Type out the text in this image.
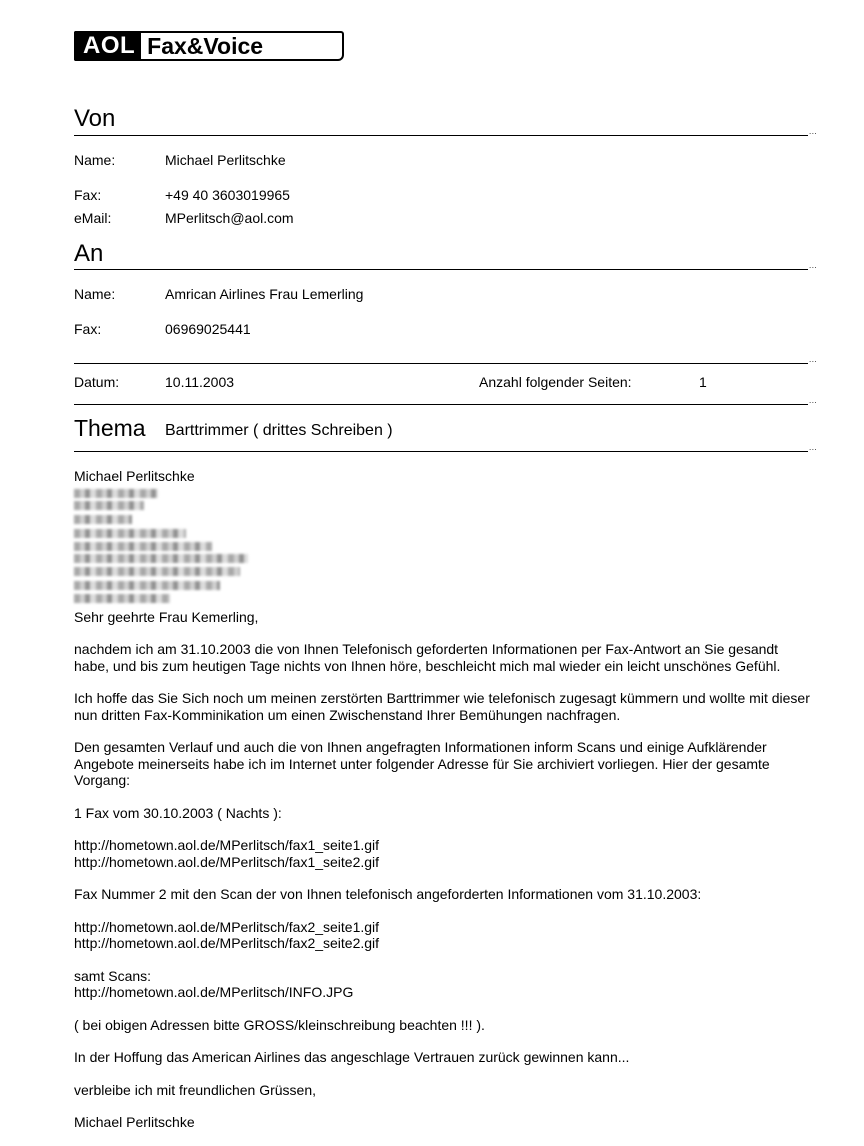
AOL Fax&Voice
Von	...
Name:	Michael Perlitschke
Fax:	+49 40 3603019965
eMail:	MPerlitsch@aol.com
An	...
Name:	Amrican Airlines Frau Lemerling
Fax:	06969025441
...
Datum:	10.11.2003	Anzahl folgender Seiten:	1
...
Thema Barttrimmer ( drittes Schreiben )
...

Michael Perlitschke

Sehr geehrte Frau Kemerling,

nachdem ich am 31.10.2003 die von Ihnen Telefonisch geforderten Informationen per Fax-Antwort an Sie gesandt habe, und bis zum heutigen Tage nichts von Ihnen höre, beschleicht mich mal wieder ein leicht unschönes Gefühl.

Ich hoffe das Sie Sich noch um meinen zerstörten Barttrimmer wie telefonisch zugesagt kümmern und wollte mit dieser nun dritten Fax-Komminikation um einen Zwischenstand Ihrer Bemühungen nachfragen.

Den gesamten Verlauf und auch die von Ihnen angefragten Informationen inform Scans und einige Aufklärender Angebote meinerseits habe ich im Internet unter folgender Adresse für Sie archiviert vorliegen. Hier der gesamte Vorgang:

1 Fax vom 30.10.2003 ( Nachts ):

http://hometown.aol.de/MPerlitsch/fax1_seite1.gif

http://hometown.aol.de/MPerlitsch/fax1_seite2.gif

Fax Nummer 2 mit den Scan der von Ihnen telefonisch angeforderten Informationen vom 31.10.2003:

http://hometown.aol.de/MPerlitsch/fax2_seite1.gif

http://hometown.aol.de/MPerlitsch/fax2_seite2.gif

samt Scans:

http://hometown.aol.de/MPerlitsch/INFO.JPG

( bei obigen Adressen bitte GROSS/kleinschreibung beachten !!! ).

In der Hoffung das American Airlines das angeschlage Vertrauen zurück gewinnen kann...

verbleibe ich mit freundlichen Grüssen,

Michael Perlitschke
